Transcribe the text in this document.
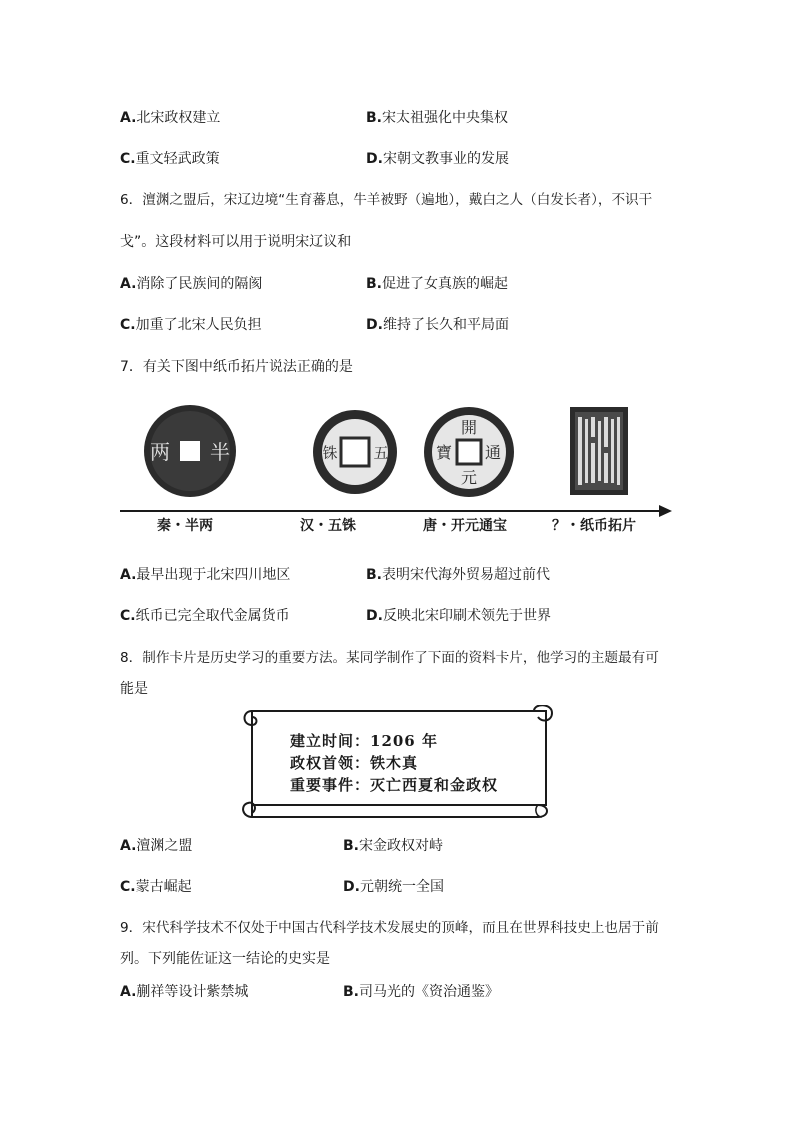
A.北宋政权建立	B.宋太祖强化中央集权
C.重文轻武政策	D.宋朝文教事业的发展
6．澶渊之盟后，宋辽边境“生育蕃息，牛羊被野（遍地），戴白之人（白发长者），不识干
戈”。这段材料可以用于说明宋辽议和
A.消除了民族间的隔阂	B.促进了女真族的崛起
C.加重了北宋人民负担	D.维持了长久和平局面
7．有关下图中纸币拓片说法正确的是
两 半	铢 五
開
通
寶
元
秦・半两	汉・五铢	唐・开元通宝	？・纸币拓片
A.最早出现于北宋四川地区	B.表明宋代海外贸易超过前代
C.纸币已完全取代金属货币	D.反映北宋印刷术领先于世界
8．制作卡片是历史学习的重要方法。某同学制作了下面的资料卡片，他学习的主题最有可
能是
建立时间：1206 年
政权首领：铁木真
重要事件：灭亡西夏和金政权
A.澶渊之盟	B.宋金政权对峙
C.蒙古崛起	D.元朝统一全国
9．宋代科学技术不仅处于中国古代科学技术发展史的顶峰，而且在世界科技史上也居于前
列。下列能佐证这一结论的史实是
A.蒯祥等设计紫禁城	B.司马光的《资治通鉴》
